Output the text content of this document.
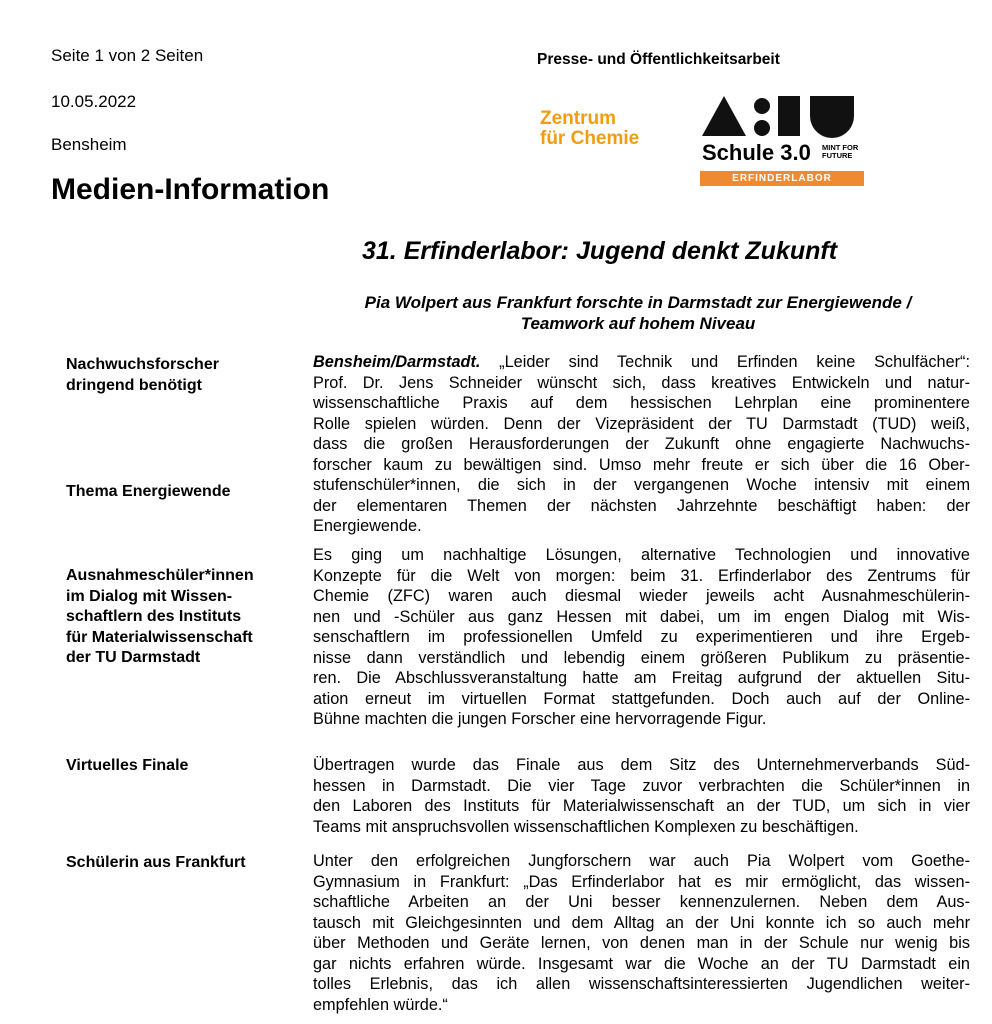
Seite 1 von 2 Seiten
10.05.2022
Bensheim
Presse- und Öffentlichkeitsarbeit
Medien-Information
Zentrum
für Chemie
Schule 3.0 MINT FOR
FUTURE
ERFINDERLABOR
31. Erfinderlabor: Jugend denkt Zukunft
Pia Wolpert aus Frankfurt forschte in Darmstadt zur Energiewende /
Teamwork auf hohem Niveau
Nachwuchsforscher
dringend benötigt
Thema Energiewende
Ausnahmeschüler*innen
im Dialog mit Wissen-
schaftlern des Instituts
für Materialwissenschaft
der TU Darmstadt
Virtuelles Finale
Schülerin aus Frankfurt
Bensheim/Darmstadt. „Leider sind Technik und Erfinden keine Schulfächer“:
Prof. Dr. Jens Schneider wünscht sich, dass kreatives Entwickeln und natur-
wissenschaftliche Praxis auf dem hessischen Lehrplan eine prominentere
Rolle spielen würden. Denn der Vizepräsident der TU Darmstadt (TUD) weiß,
dass die großen Herausforderungen der Zukunft ohne engagierte Nachwuchs-
forscher kaum zu bewältigen sind. Umso mehr freute er sich über die 16 Ober-
stufenschüler*innen, die sich in der vergangenen Woche intensiv mit einem
der elementaren Themen der nächsten Jahrzehnte beschäftigt haben: der
Energiewende.
Es ging um nachhaltige Lösungen, alternative Technologien und innovative
Konzepte für die Welt von morgen: beim 31. Erfinderlabor des Zentrums für
Chemie (ZFC) waren auch diesmal wieder jeweils acht Ausnahmeschülerin-
nen und -Schüler aus ganz Hessen mit dabei, um im engen Dialog mit Wis-
senschaftlern im professionellen Umfeld zu experimentieren und ihre Ergeb-
nisse dann verständlich und lebendig einem größeren Publikum zu präsentie-
ren. Die Abschlussveranstaltung hatte am Freitag aufgrund der aktuellen Situ-
ation erneut im virtuellen Format stattgefunden. Doch auch auf der Online-
Bühne machten die jungen Forscher eine hervorragende Figur.
Übertragen wurde das Finale aus dem Sitz des Unternehmerverbands Süd-
hessen in Darmstadt. Die vier Tage zuvor verbrachten die Schüler*innen in
den Laboren des Instituts für Materialwissenschaft an der TUD, um sich in vier
Teams mit anspruchsvollen wissenschaftlichen Komplexen zu beschäftigen.
Unter den erfolgreichen Jungforschern war auch Pia Wolpert vom Goethe-
Gymnasium in Frankfurt: „Das Erfinderlabor hat es mir ermöglicht, das wissen-
schaftliche Arbeiten an der Uni besser kennenzulernen. Neben dem Aus-
tausch mit Gleichgesinnten und dem Alltag an der Uni konnte ich so auch mehr
über Methoden und Geräte lernen, von denen man in der Schule nur wenig bis
gar nichts erfahren würde. Insgesamt war die Woche an der TU Darmstadt ein
tolles Erlebnis, das ich allen wissenschaftsinteressierten Jugendlichen weiter-
empfehlen würde.“
